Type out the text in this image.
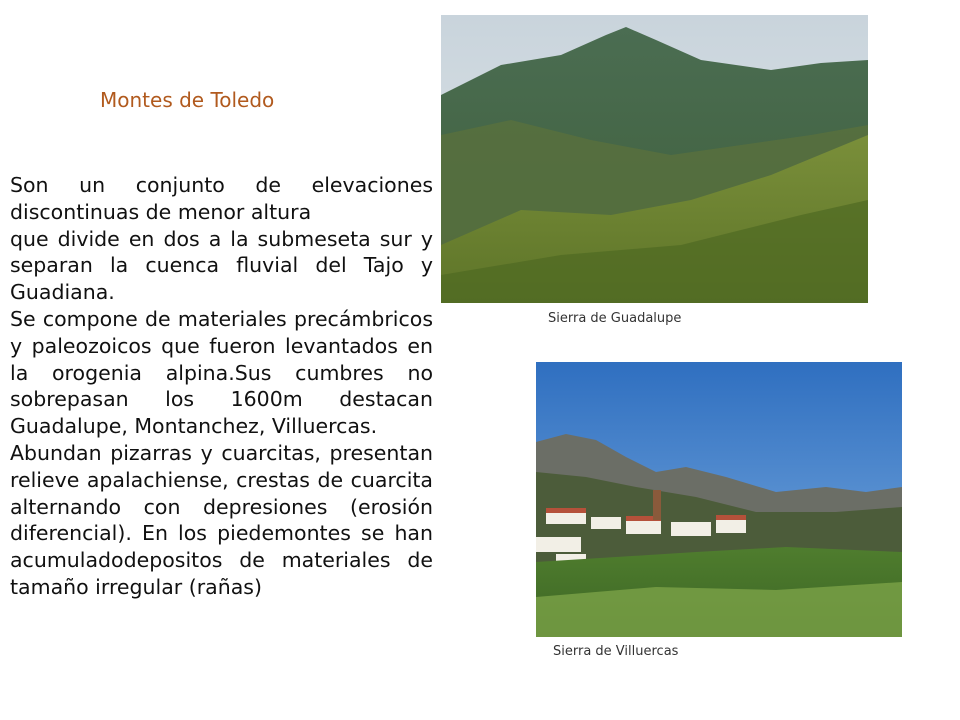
Montes de Toledo

Son un conjunto de elevaciones discontinuas de menor altura

que divide en dos a la submeseta sur y separan la cuenca fluvial del Tajo y Guadiana.

Se compone de materiales precámbricos y paleozoicos que fueron levantados en la orogenia alpina.Sus cumbres no sobrepasan los 1600m destacan Guadalupe, Montanchez, Villuercas.

Abundan pizarras y cuarcitas, presentan relieve apalachiense, crestas de cuarcita alternando con depresiones (erosión diferencial). En los piedemontes se han acumuladodepositos de materiales de tamaño irregular (rañas)

Sierra de Guadalupe
Sierra de Villuercas
